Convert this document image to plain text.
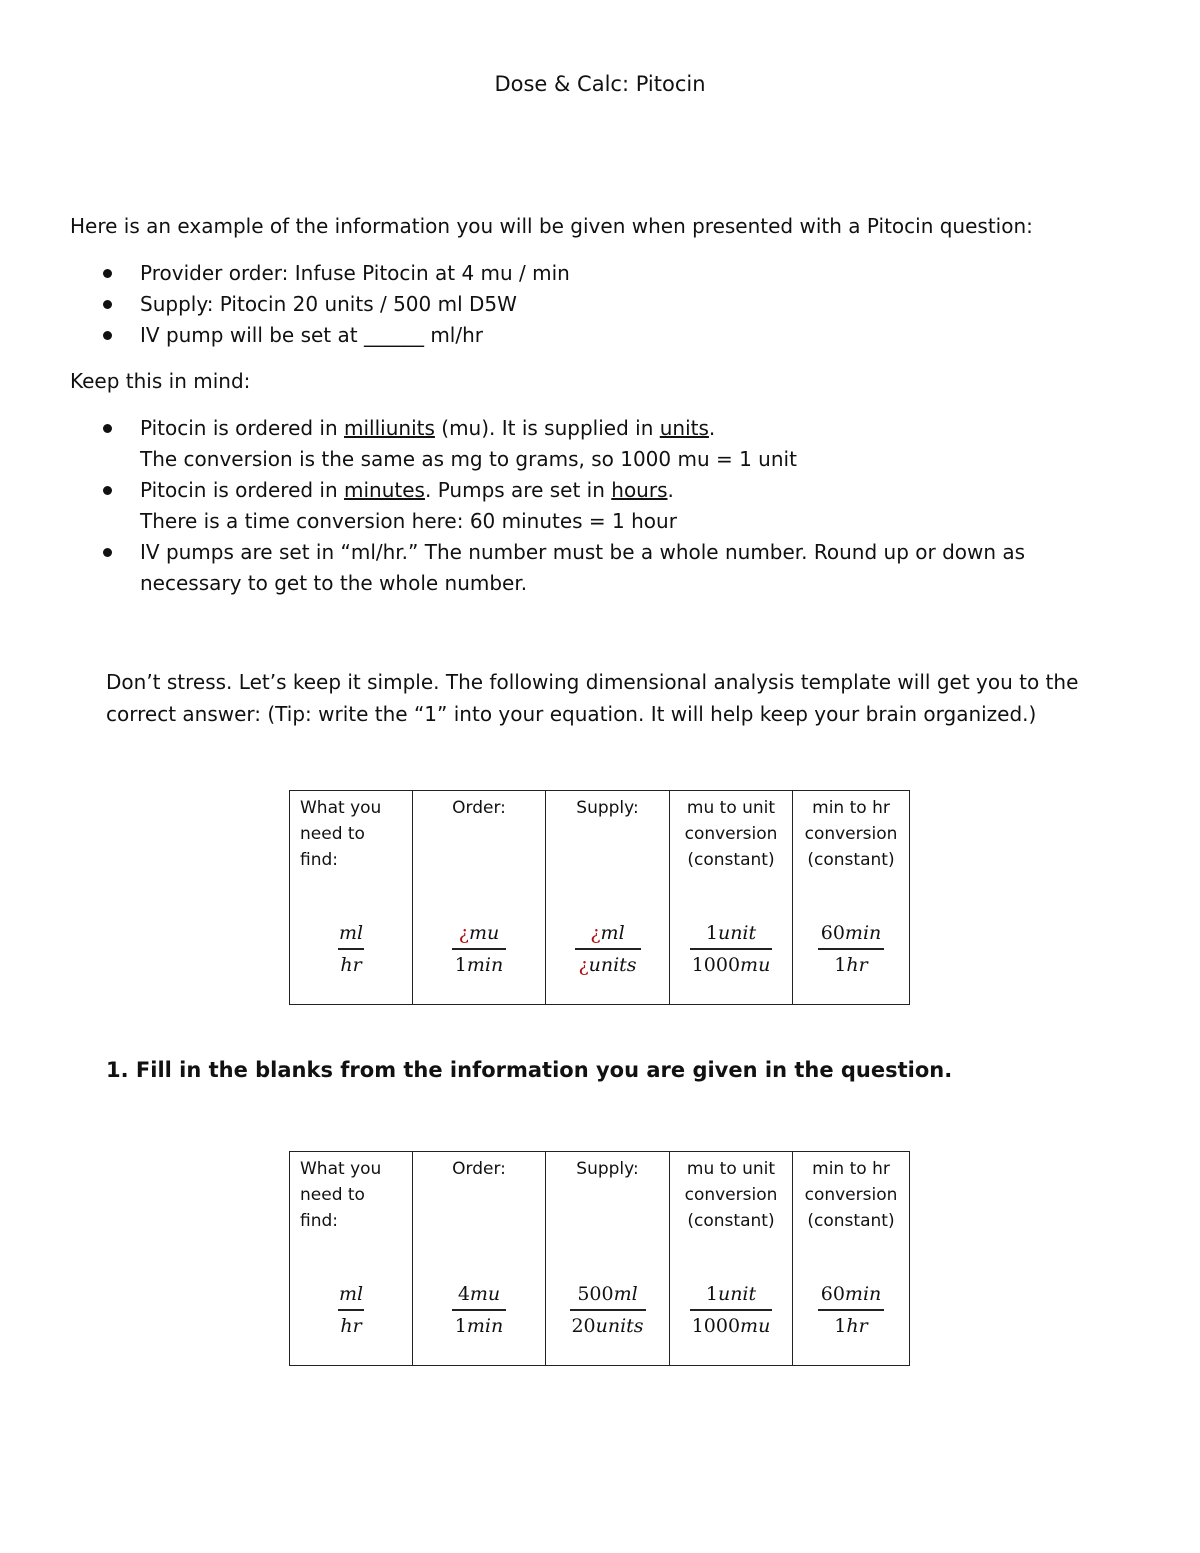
Dose & Calc: Pitocin

Here is an example of the information you will be given when presented with a Pitocin question:

Provider order: Infuse Pitocin at 4 mu / min
Supply: Pitocin 20 units / 500 ml D5W
IV pump will be set at ______ ml/hr

Keep this in mind:

Pitocin is ordered in milliunits (mu). It is supplied in units.
The conversion is the same as mg to grams, so 1000 mu = 1 unit
Pitocin is ordered in minutes. Pumps are set in hours.
There is a time conversion here: 60 minutes = 1 hour
IV pumps are set in “ml/hr.” The number must be a whole number. Round up or down as necessary to get to the whole number.

Don’t stress. Let’s keep it simple. The following dimensional analysis template will get you to the correct answer: (Tip: write the “1” into your equation. It will help keep your brain organized.)

What you need to find:
ml
hr

Order:
¿mu
1min

Supply:
¿ml
¿units

mu to unit conversion (constant)
1unit
1000mu

min to hr conversion (constant)
60min
1hr

1. Fill in the blanks from the information you are given in the question.

What you need to find:
ml
hr

Order:
4mu
1min

Supply:
500ml
20units

mu to unit conversion (constant)
1unit
1000mu

min to hr conversion (constant)
60min
1hr
